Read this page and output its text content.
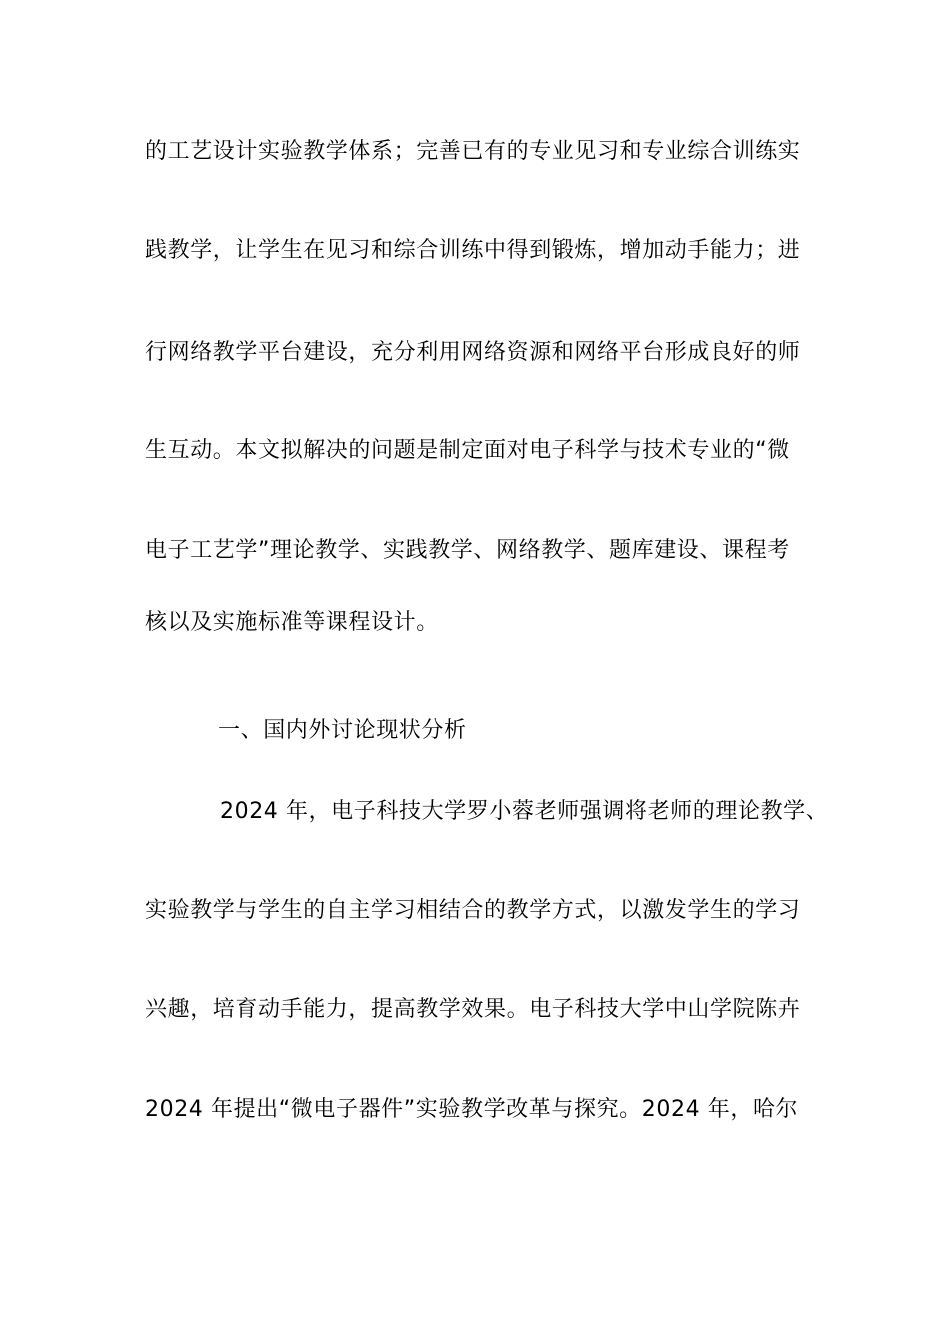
的工艺设计实验教学体系；完善已有的专业见习和专业综合训练实
践教学，让学生在见习和综合训练中得到锻炼，增加动手能力；进
行网络教学平台建设，充分利用网络资源和网络平台形成良好的师
生互动。本文拟解决的问题是制定面对电子科学与技术专业的“微
电子工艺学”理论教学、实践教学、网络教学、题库建设、课程考
核以及实施标准等课程设计。
一、国内外讨论现状分析
2024 年，电子科技大学罗小蓉老师强调将老师的理论教学、
实验教学与学生的自主学习相结合的教学方式，以激发学生的学习
兴趣，培育动手能力，提高教学效果。电子科技大学中山学院陈卉
2024 年提出“微电子器件”实验教学改革与探究。2024 年，哈尔
